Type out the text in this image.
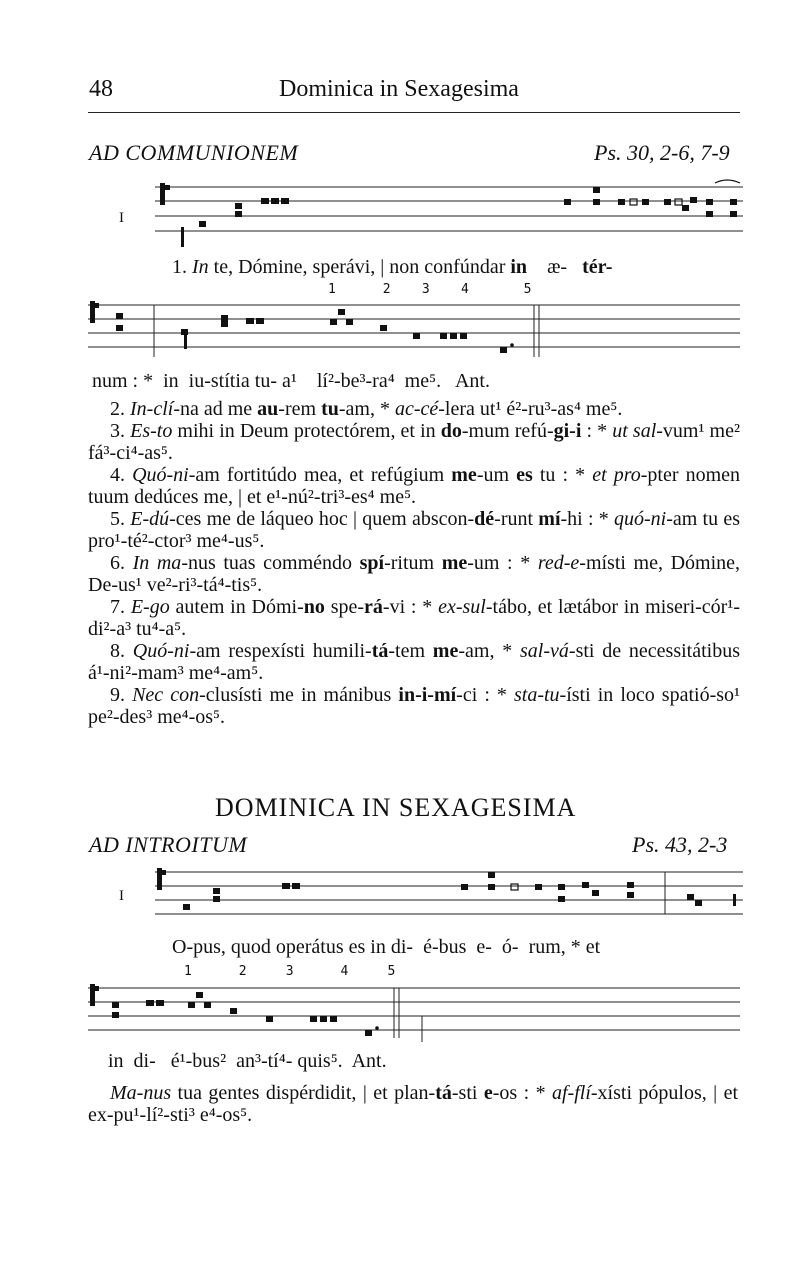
48	Dominica in Sexagesima
AD COMMUNIONEM	Ps. 30, 2-6, 7-9
I
1. In te, Dómine, sperávi, | non confúndar in    æ-   tér-
1      2    3    4       5
num : *  in  iu-stítia tu- a¹    lí²-be³-ra⁴  me⁵.   Ant.
2. In-clí-na ad me au-rem tu-am, * ac-cé-lera ut¹ é²-ru³-as⁴ me⁵.
3. Es-to mihi in Deum protectórem, et in do-mum refú-gi-i : * ut sal-vum¹ me² fá³-ci⁴-as⁵.
4. Quó-ni-am fortitúdo mea, et refúgium me-um es tu : * et pro-pter nomen tuum dedúces me, | et e¹-nú²-tri³-es⁴ me⁵.
5. E-dú-ces me de láqueo hoc | quem abscon-dé-runt mí-hi : * quó-ni-am tu es pro¹-té²-ctor³ me⁴-us⁵.
6. In ma-nus tuas comméndo spí-ritum me-um : * red-e-místi me, Dómine, De-us¹ ve²-ri³-tá⁴-tis⁵.
7. E-go autem in Dómi-no spe-rá-vi : * ex-sul-tábo, et lætábor in miseri-cór¹-di²-a³ tu⁴-a⁵.
8. Quó-ni-am respexísti humili-tá-tem me-am, * sal-vá-sti de necessitátibus á¹-ni²-mam³ me⁴-am⁵.
9. Nec con-clusísti me in mánibus in-i-mí-ci : * sta-tu-ísti in loco spatió-so¹ pe²-des³ me⁴-os⁵.
DOMINICA IN SEXAGESIMA
AD INTROITUM	Ps. 43, 2-3
I
O-pus, quod operátus es in di-  é-bus  e-  ó-  rum, * et
1      2     3      4     5
in  di-   é¹-bus²  an³-tí⁴- quis⁵.  Ant.
Ma-nus tua gentes dispérdidit, | et plan-tá-sti e-os : * af-flí-xísti pópulos, | et ex-pu¹-lí²-sti³ e⁴-os⁵.
